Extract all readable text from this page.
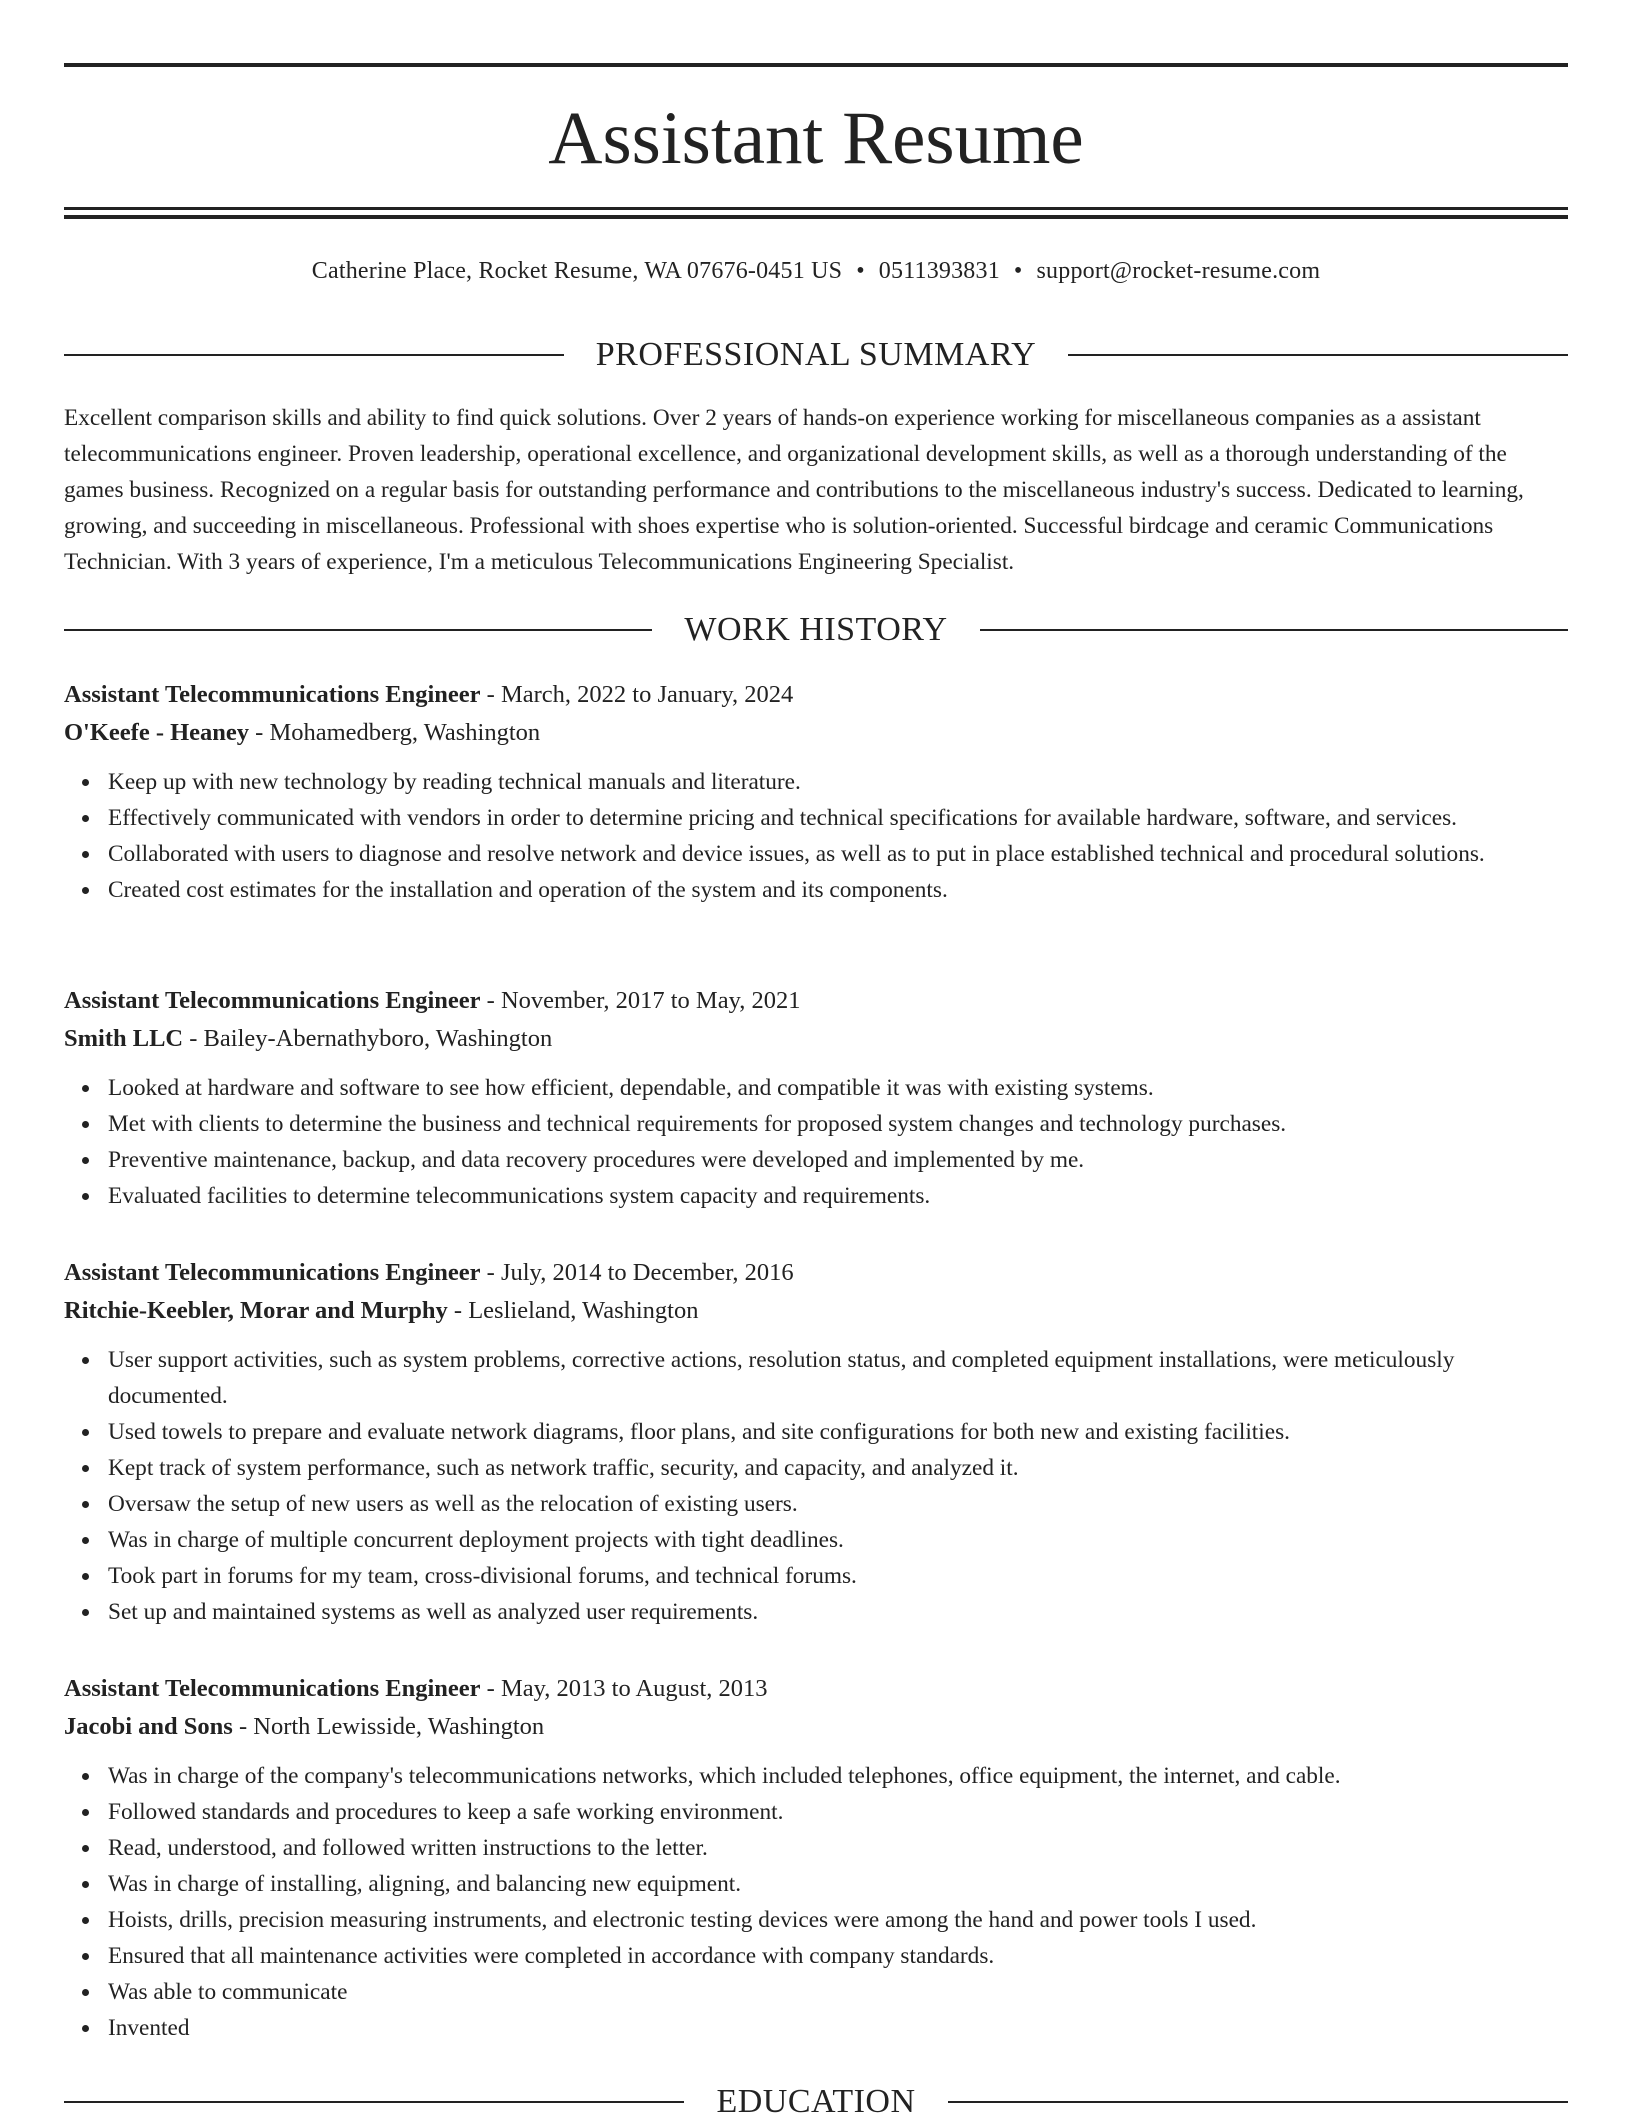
Assistant Resume
Catherine Place, Rocket Resume, WA 07676-0451 US • 0511393831 • support@rocket-resume.com
PROFESSIONAL SUMMARY

Excellent comparison skills and ability to find quick solutions. Over 2 years of hands-on experience working for miscellaneous companies as a assistant telecommunications engineer. Proven leadership, operational excellence, and organizational development skills, as well as a thorough understanding of the games business. Recognized on a regular basis for outstanding performance and contributions to the miscellaneous industry's success. Dedicated to learning, growing, and succeeding in miscellaneous. Professional with shoes expertise who is solution-oriented. Successful birdcage and ceramic Communications Technician. With 3 years of experience, I'm a meticulous Telecommunications Engineering Specialist.

WORK HISTORY
Assistant Telecommunications Engineer - March, 2022 to January, 2024
O'Keefe - Heaney - Mohamedberg, Washington
Keep up with new technology by reading technical manuals and literature.
Effectively communicated with vendors in order to determine pricing and technical specifications for available hardware, software, and services.
Collaborated with users to diagnose and resolve network and device issues, as well as to put in place established technical and procedural solutions.
Created cost estimates for the installation and operation of the system and its components.
Assistant Telecommunications Engineer - November, 2017 to May, 2021
Smith LLC - Bailey-Abernathyboro, Washington
Looked at hardware and software to see how efficient, dependable, and compatible it was with existing systems.
Met with clients to determine the business and technical requirements for proposed system changes and technology purchases.
Preventive maintenance, backup, and data recovery procedures were developed and implemented by me.
Evaluated facilities to determine telecommunications system capacity and requirements.
Assistant Telecommunications Engineer - July, 2014 to December, 2016
Ritchie-Keebler, Morar and Murphy - Leslieland, Washington
User support activities, such as system problems, corrective actions, resolution status, and completed equipment installations, were meticulously documented.
Used towels to prepare and evaluate network diagrams, floor plans, and site configurations for both new and existing facilities.
Kept track of system performance, such as network traffic, security, and capacity, and analyzed it.
Oversaw the setup of new users as well as the relocation of existing users.
Was in charge of multiple concurrent deployment projects with tight deadlines.
Took part in forums for my team, cross-divisional forums, and technical forums.
Set up and maintained systems as well as analyzed user requirements.
Assistant Telecommunications Engineer - May, 2013 to August, 2013
Jacobi and Sons - North Lewisside, Washington
Was in charge of the company's telecommunications networks, which included telephones, office equipment, the internet, and cable.
Followed standards and procedures to keep a safe working environment.
Read, understood, and followed written instructions to the letter.
Was in charge of installing, aligning, and balancing new equipment.
Hoists, drills, precision measuring instruments, and electronic testing devices were among the hand and power tools I used.
Ensured that all maintenance activities were completed in accordance with company standards.
Was able to communicate
Invented
EDUCATION
